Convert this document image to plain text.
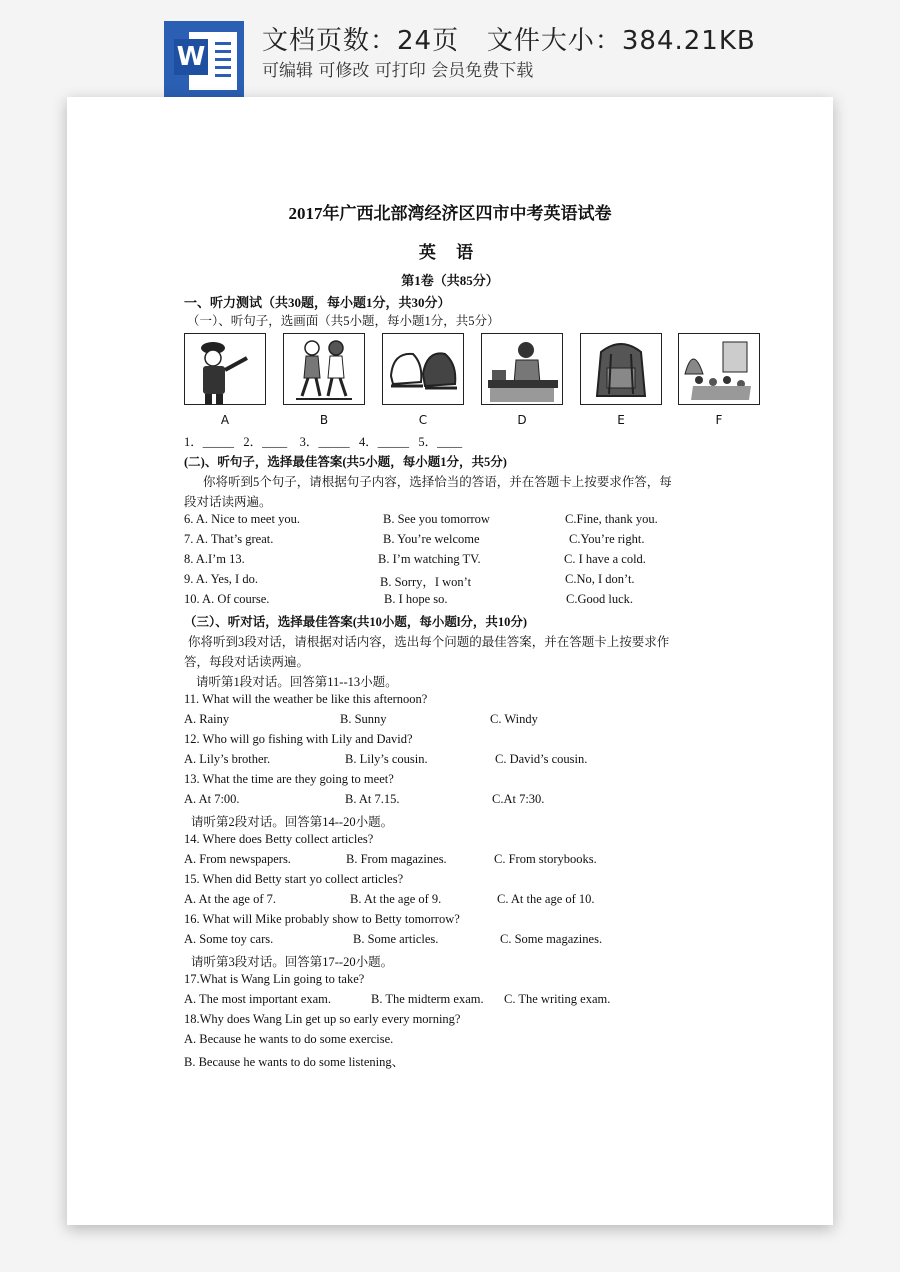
W
文档页数：24页   文件大小：384.21KB
可编辑 可修改 可打印 会员免费下载
2017年广西北部湾经济区四市中考英语试卷
英 语
第1卷（共85分）
一、听力测试（共30题，每小题1分，共30分）
（一）、听句子，选画面（共5小题，每小题1分，共5分）
A	B	C	D	E	F
1．_____   2．____    3．_____   4．_____   5．____
(二)、听句子，选择最佳答案(共5小题，每小题1分，共5分)
你将听到5个句子，请根据句子内容，选择恰当的答语，并在答题卡上按要求作答，每
段对话读两遍。
6. A. Nice to meet you.	B. See you tomorrow	C.Fine, thank you.
7. A. That’s great.	B. You’re welcome	C.You’re right.
8. A.I’m 13.	B. I’m watching TV.	C. I have a cold.
9. A. Yes, I do.	B. Sorry，I won’t	C.No, I don’t.
10. A. Of course.	B. I hope so.	C.Good luck.
（三）、听对话，选择最佳答案(共10小题，每小题l分，共10分)
你将听到3段对话，请根据对话内容，选出每个问题的最佳答案，并在答题卡上按要求作
答，每段对话读两遍。
请听第1段对话。回答第11--13小题。
11. What will the weather be like this afternoon?
A. Rainy	B. Sunny	C. Windy
12. Who will go fishing with Lily and David?
A. Lily’s brother.	B. Lily’s cousin.	C. David’s cousin.
13. What the time are they going to meet?
A. At 7:00.	B. At 7.15.	C.At 7:30.
请听第2段对话。回答第14--20小题。
14. Where does Betty collect articles?
A. From newspapers.	B. From magazines.	C. From storybooks.
15. When did Betty start yo collect articles?
A. At the age of 7.	B. At the age of 9.	C. At the age of 10.
16. What will Mike probably show to Betty tomorrow?
A. Some toy cars.	B. Some articles.	C. Some magazines.
请听第3段对话。回答第17--20小题。
17.What is Wang Lin going to take?
A. The most important exam.	B. The midterm exam. C. The writing exam.
18.Why does Wang Lin get up so early every morning?
A. Because he wants to do some exercise.
B. Because he wants to do some listening、
